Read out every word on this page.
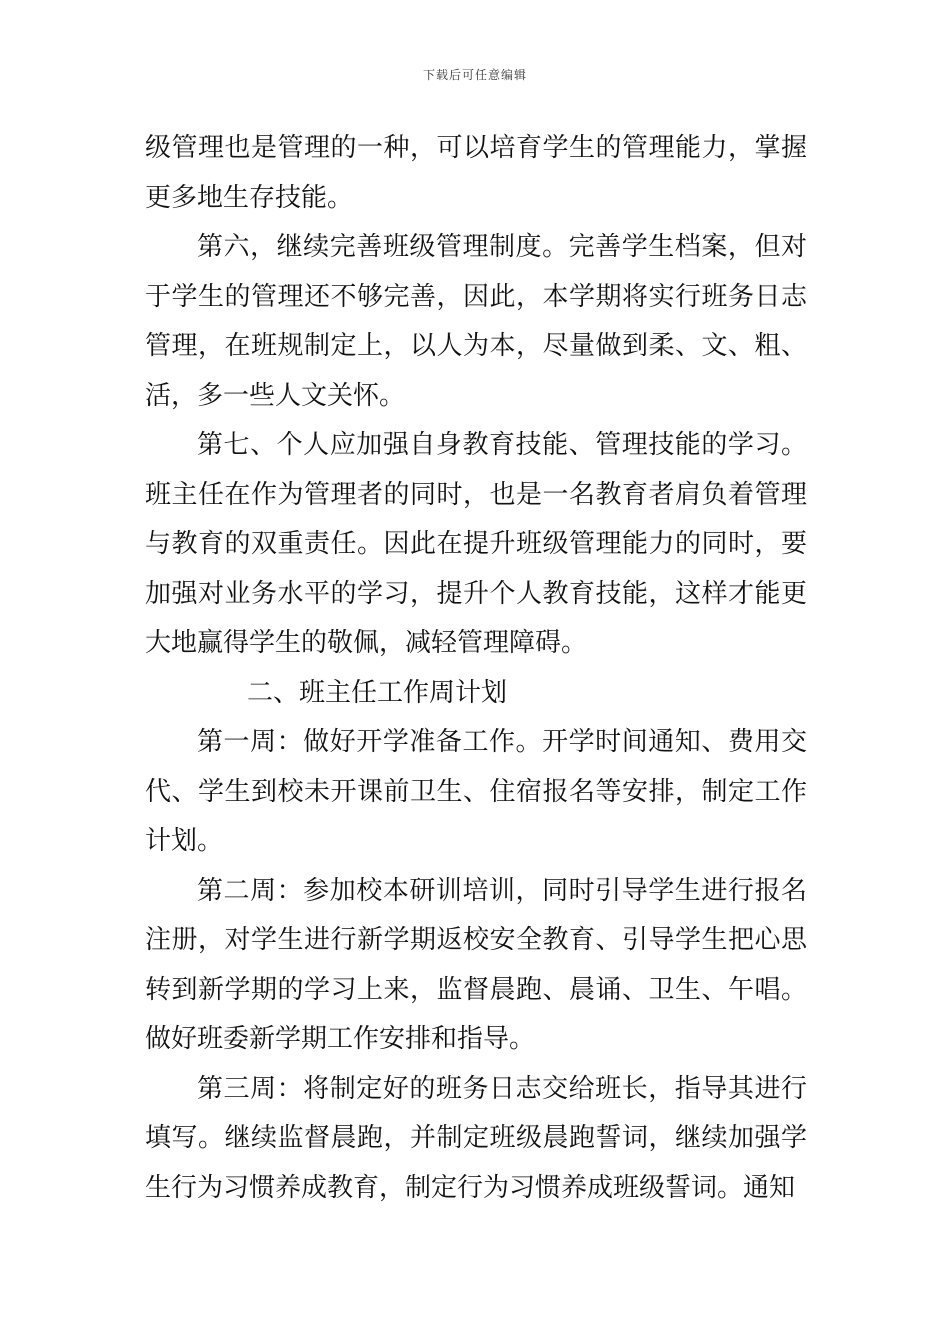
下载后可任意编辑

级管理也是管理的一种，可以培育学生的管理能力，掌握更多地生存技能。

第六，继续完善班级管理制度。完善学生档案，但对于学生的管理还不够完善，因此，本学期将实行班务日志管理，在班规制定上，以人为本，尽量做到柔、文、粗、活，多一些人文关怀。

第七、个人应加强自身教育技能、管理技能的学习。班主任在作为管理者的同时，也是一名教育者肩负着管理与教育的双重责任。因此在提升班级管理能力的同时，要加强对业务水平的学习，提升个人教育技能，这样才能更大地赢得学生的敬佩，减轻管理障碍。

二、班主任工作周计划

第一周：做好开学准备工作。开学时间通知、费用交代、学生到校未开课前卫生、住宿报名等安排，制定工作计划。

第二周：参加校本研训培训，同时引导学生进行报名注册，对学生进行新学期返校安全教育、引导学生把心思转到新学期的学习上来，监督晨跑、晨诵、卫生、午唱。做好班委新学期工作安排和指导。

第三周：将制定好的班务日志交给班长，指导其进行填写。继续监督晨跑，并制定班级晨跑誓词，继续加强学生行为习惯养成教育，制定行为习惯养成班级誓词。通知
